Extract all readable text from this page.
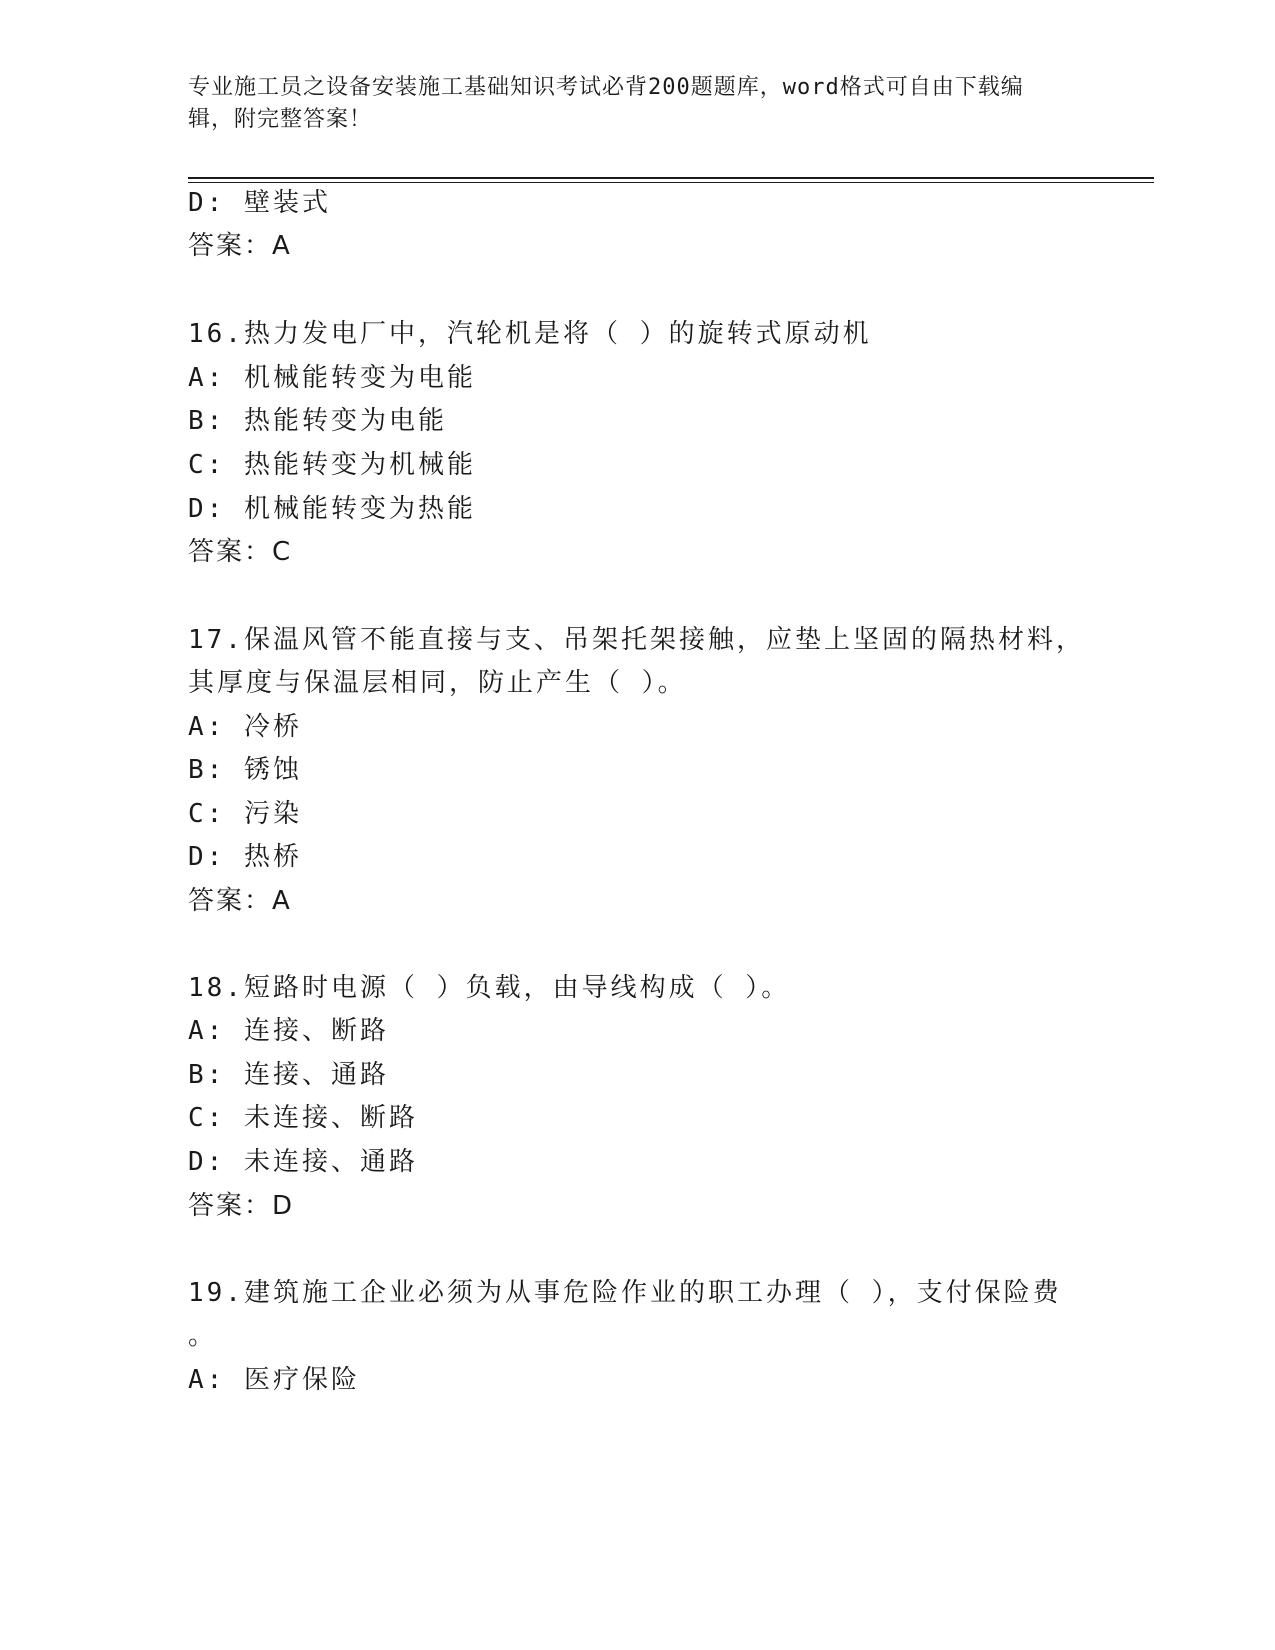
专业施工员之设备安装施工基础知识考试必背200题题库，word格式可自由下载编辑，附完整答案！
D: 壁装式
答案：A
16.热力发电厂中，汽轮机是将（ ）的旋转式原动机
A: 机械能转变为电能
B: 热能转变为电能
C: 热能转变为机械能
D: 机械能转变为热能
答案：C
17.保温风管不能直接与支、吊架托架接触，应垫上坚固的隔热材料，
其厚度与保温层相同，防止产生（ ）。
A: 冷桥
B: 锈蚀
C: 污染
D: 热桥
答案：A
18.短路时电源（ ）负载，由导线构成（ ）。
A: 连接、断路
B: 连接、通路
C: 未连接、断路
D: 未连接、通路
答案：D
19.建筑施工企业必须为从事危险作业的职工办理（ ），支付保险费
。
A: 医疗保险
